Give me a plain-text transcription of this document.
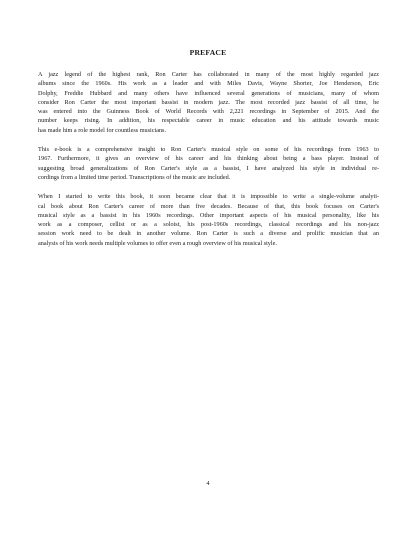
PREFACE

A jazz legend of the highest rank, Ron Carter has collaborated in many of the most highly regarded jazz
albums since the 1960s. His work as a leader and with Miles Davis, Wayne Shorter, Joe Henderson, Eric
Dolphy, Freddie Hubbard and many others have influenced several generations of musicians, many of whom
consider Ron Carter the most important bassist in modern jazz. The most recorded jazz bassist of all time, he
was entered into the Guinness Book of World Records with 2,221 recordings in September of 2015. And the
number keeps rising. In addition, his respectable career in music education and his attitude towards music
has made him a role model for countless musicians.

This e-book is a comprehensive insight to Ron Carter's musical style on some of his recordings from 1963 to
1967. Furthermore, it gives an overview of his career and his thinking about being a bass player. Instead of
suggesting broad generalizations of Ron Carter's style as a bassist, I have analyzed his style in individual re-
cordings from a limited time period. Transcriptions of the music are included.

When I started to write this book, it soon became clear that it is impossible to write a single-volume analyti-
cal book about Ron Carter's career of more than five decades. Because of that, this book focuses on Carter's
musical style as a bassist in his 1960s recordings. Other important aspects of his musical personality, like his
work as a composer, cellist or as a soloist, his post-1960s recordings, classical recordings and his non-jazz
session work need to be dealt in another volume. Ron Carter is such a diverse and prolific musician that an
analysis of his work needs multiple volumes to offer even a rough overview of his musical style.

4
